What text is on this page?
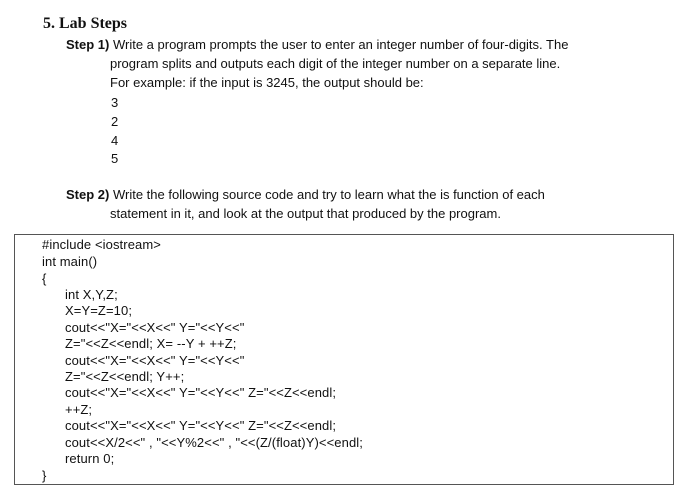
5. Lab Steps
Step 1) Write a program prompts the user to enter an integer number of four-digits. The
program splits and outputs each digit of the integer number on a separate line.
For example: if the input is 3245, the output should be:
3
2
4
5
Step 2) Write the following source code and try to learn what the is function of each
statement in it, and look at the output that produced by the program.
#include <iostream>
int main()
{
int X,Y,Z;
X=Y=Z=10;
cout<<"X="<<X<<" Y="<<Y<<"
Z="<<Z<<endl; X= --Y + ++Z;
cout<<"X="<<X<<" Y="<<Y<<"
Z="<<Z<<endl; Y++;
cout<<"X="<<X<<" Y="<<Y<<" Z="<<Z<<endl;
++Z;
cout<<"X="<<X<<" Y="<<Y<<" Z="<<Z<<endl;
cout<<X/2<<" , "<<Y%2<<" , "<<(Z/(float)Y)<<endl;
return 0;
}
